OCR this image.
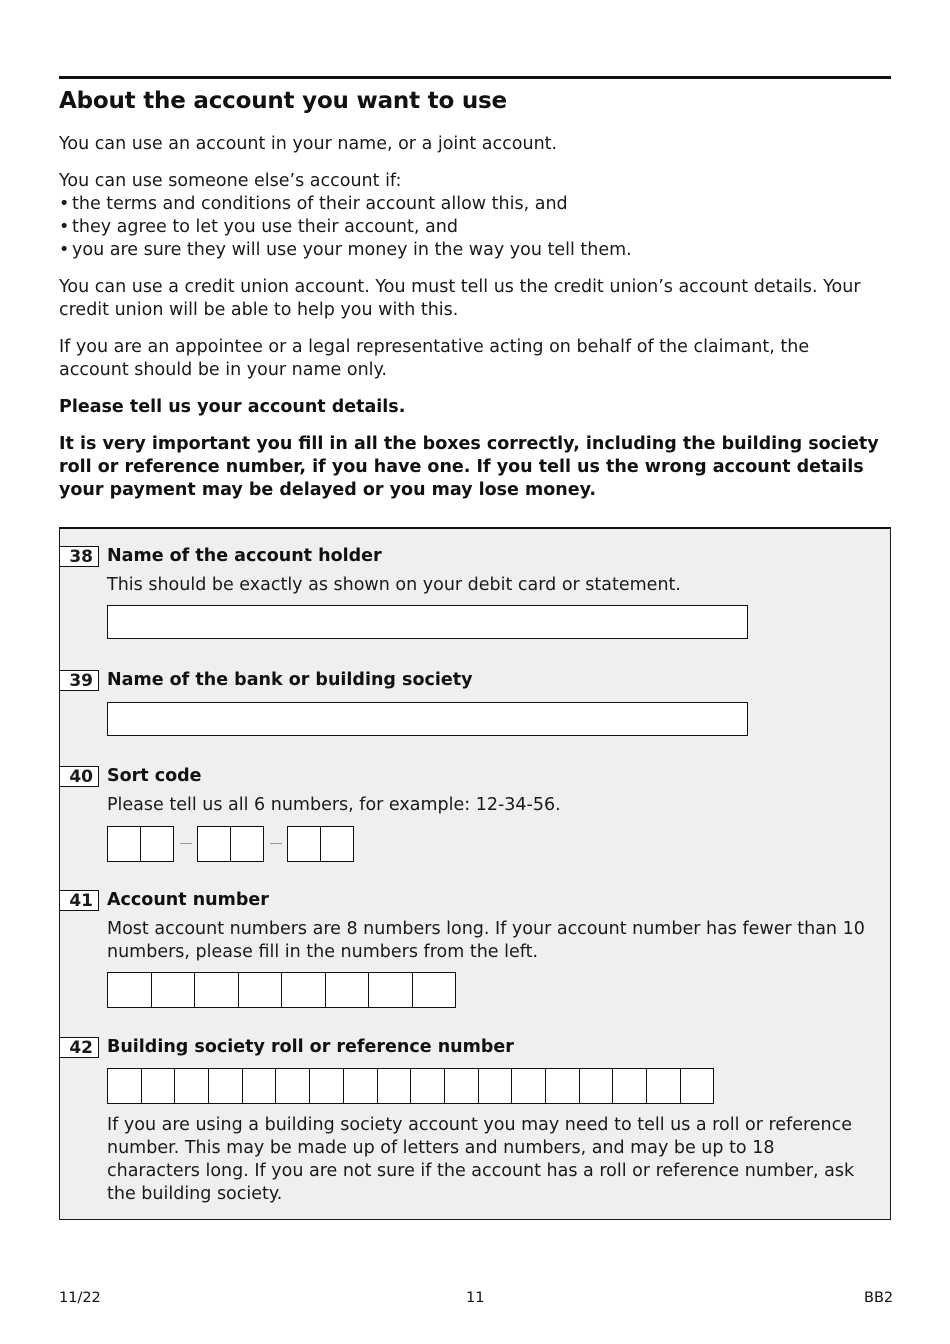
About the account you want to use

You can use an account in your name, or a joint account.

You can use someone else’s account if:

• the terms and conditions of their account allow this, and
• they agree to let you use their account, and
• you are sure they will use your money in the way you tell them.

You can use a credit union account. You must tell us the credit union’s account details. Your credit union will be able to help you with this.

If you are an appointee or a legal representative acting on behalf of the claimant, the account should be in your name only.

Please tell us your account details.

It is very important you fill in all the boxes correctly, including the building society roll or reference number, if you have one. If you tell us the wrong account details your payment may be delayed or you may lose money.

38 Name of the account holder
This should be exactly as shown on your debit card or statement.
39 Name of the bank or building society
40 Sort code
Please tell us all 6 numbers, for example: 12-34-56.
41 Account number
Most account numbers are 8 numbers long. If your account number has fewer than 10 numbers, please fill in the numbers from the left.
42 Building society roll or reference number
If you are using a building society account you may need to tell us a roll or reference number. This may be made up of letters and numbers, and may be up to 18 characters long. If you are not sure if the account has a roll or reference number, ask the building society.
11/22	11	BB2
